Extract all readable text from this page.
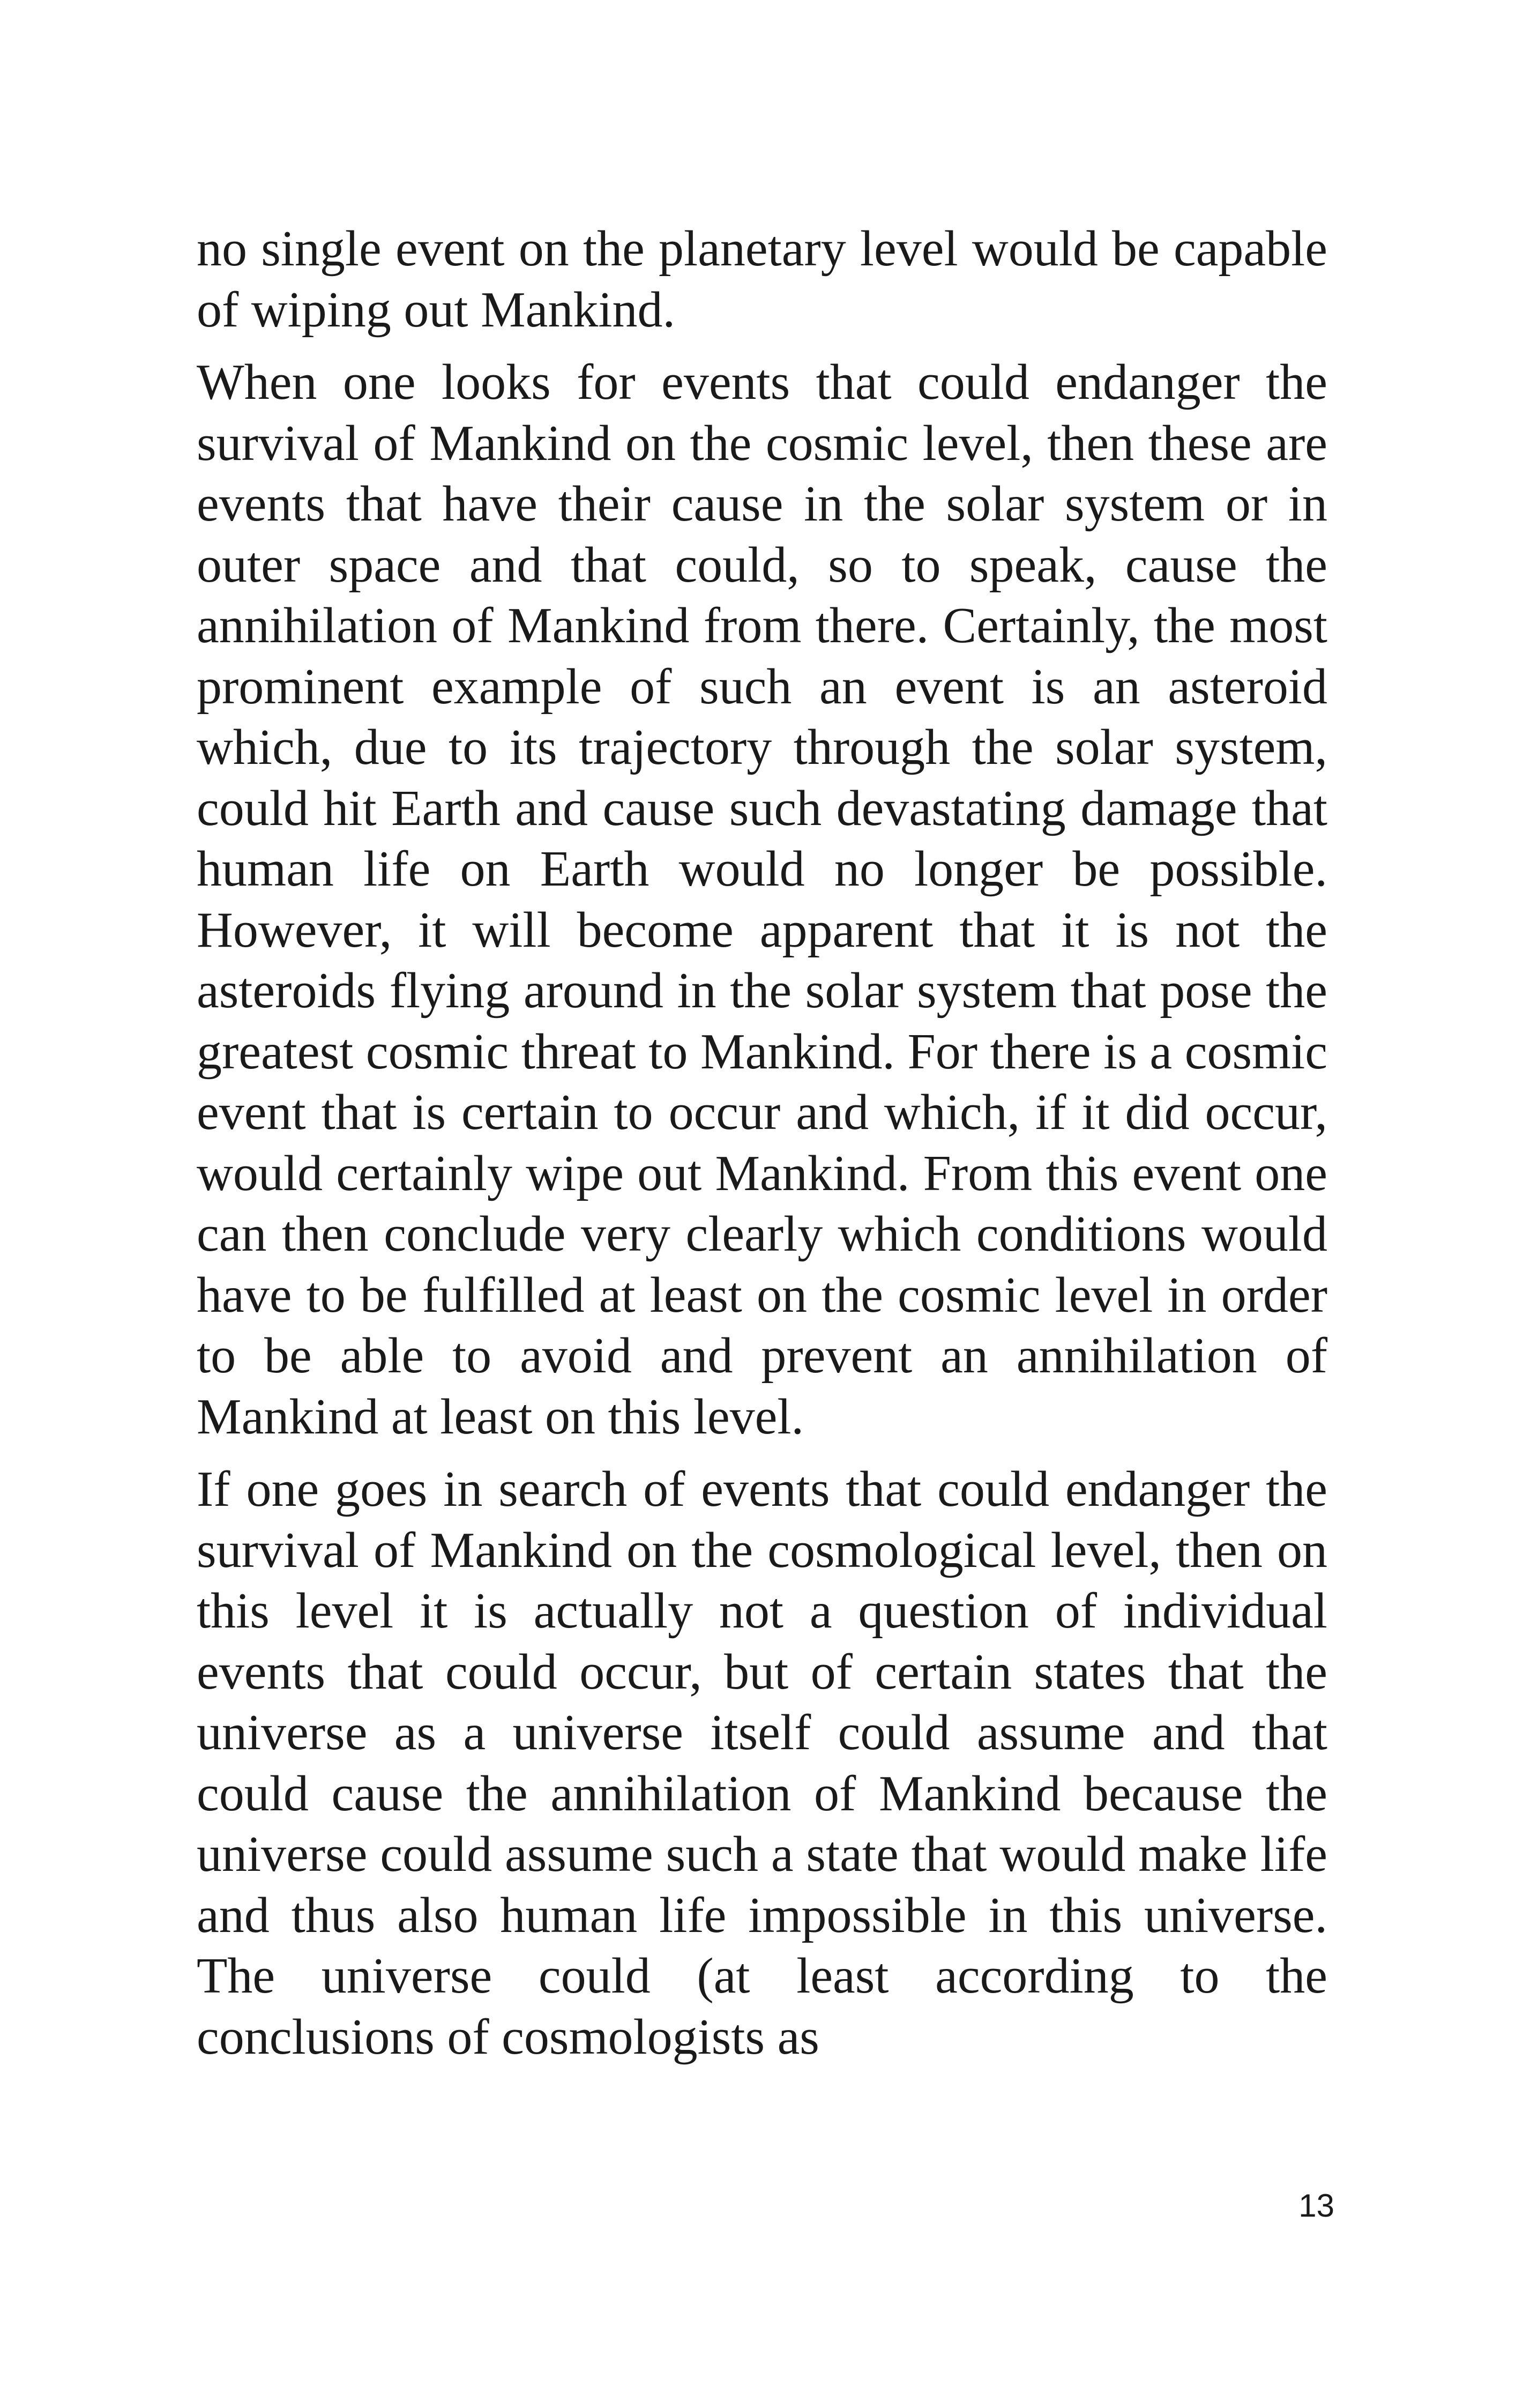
no single event on the planetary level would be capable of wiping out Mankind.

When one looks for events that could endanger the survival of Mankind on the cosmic level, then these are events that have their cause in the solar system or in outer space and that could, so to speak, cause the annihilation of Mankind from there. Certainly, the most prominent example of such an event is an asteroid which, due to its trajectory through the solar system, could hit Earth and cause such devastating damage that human life on Earth would no longer be possible. However, it will become apparent that it is not the asteroids flying around in the solar system that pose the greatest cosmic threat to Mankind. For there is a cosmic event that is certain to occur and which, if it did occur, would certainly wipe out Mankind. From this event one can then conclude very clearly which conditions would have to be fulfilled at least on the cosmic level in order to be able to avoid and prevent an annihilation of Mankind at least on this level.

If one goes in search of events that could endanger the survival of Mankind on the cosmological level, then on this level it is actually not a question of individual events that could occur, but of certain states that the universe as a universe itself could assume and that could cause the annihilation of Mankind because the universe could assume such a state that would make life and thus also human life impossible in this universe. The universe could (at least according to the conclusions of cosmologists as

13
